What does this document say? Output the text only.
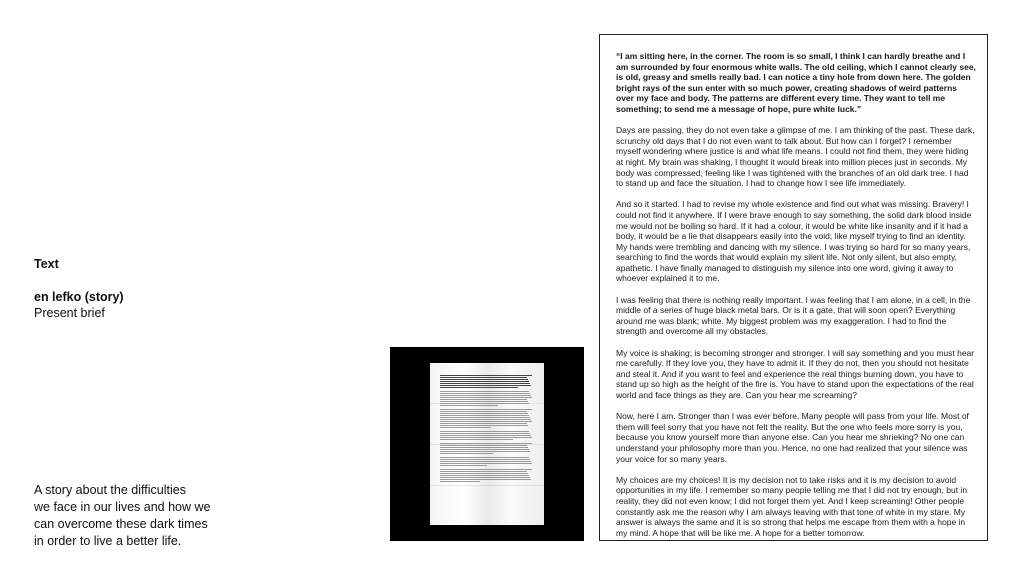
Text
en lefko (story)
Present brief
A story about the difficulties
we face in our lives and how we
can overcome these dark times
in order to live a better life.

“I am sitting here, in the corner. The room is so small, I think I can hardly breathe and I am surrounded by four enormous white walls. The old ceiling, which I cannot clearly see, is old, greasy and smells really bad. I can notice a tiny hole from down here. The golden bright rays of the sun enter with so much power, creating shadows of weird patterns over my face and body. The patterns are different every time. They want to tell me something; to send me a message of hope, pure white luck.”

Days are passing, they do not even take a glimpse of me. I am thinking of the past. These dark, scrunchy old days that I do not even want to talk about. But how can I forget? I remember myself wondering where justice is and what life means. I could not find them, they were hiding at night. My brain was shaking, I thought it would break into million pieces just in seconds. My body was compressed; feeling like I was tightened with the branches of an old dark tree. I had to stand up and face the situation. I had to change how I see life immediately.

And so it started. I had to revise my whole existence and find out what was missing. Bravery! I could not find it anywhere. If I were brave enough to say something, the solid dark blood inside me would not be boiling so hard. If it had a colour, it would be white like insanity and if it had a body, it would be a lie that disappears easily into the void; like myself trying to find an identity. My hands were trembling and dancing with my silence. I was trying so hard for so many years, searching to find the words that would explain my silent life. Not only silent, but also empty, apathetic. I have finally managed to distinguish my silence into one word, giving it away to whoever explained it to me.

I was feeling that there is nothing really important. I was feeling that I am alone, in a cell, in the middle of a series of huge black metal bars. Or is it a gate, that will soon open? Everything around me was blank; white. My biggest problem was my exaggeration. I had to find the strength and overcome all my obstacles.

My voice is shaking; is becoming stronger and stronger. I will say something and you must hear me carefully. If they love you, they have to admit it. If they do not, then you should not hesitate and steal it. And if you want to feel and experience the real things burning down, you have to stand up so high as the height of the fire is. You have to stand upon the expectations of the real world and face things as they are. Can you hear me screaming?

Now, here I am. Stronger than I was ever before. Many people will pass from your life. Most of them will feel sorry that you have not felt the reality. But the one who feels more sorry is you, because you know yourself more than anyone else. Can you hear me shrieking? No one can understand your philosophy more than you. Hence, no one had realized that your silence was your voice for so many years.

My choices are my choices! It is my decision not to take risks and it is my decision to avoid opportunities in my life. I remember so many people telling me that I did not try enough, but in reality, they did not even know; I did not forget them yet. And I keep screaming! Other people constantly ask me the reason why I am always leaving with that tone of white in my stare. My answer is always the same and it is so strong that helps me escape from them with a hope in my mind. A hope that will be like me. A hope for a better tomorrow.
